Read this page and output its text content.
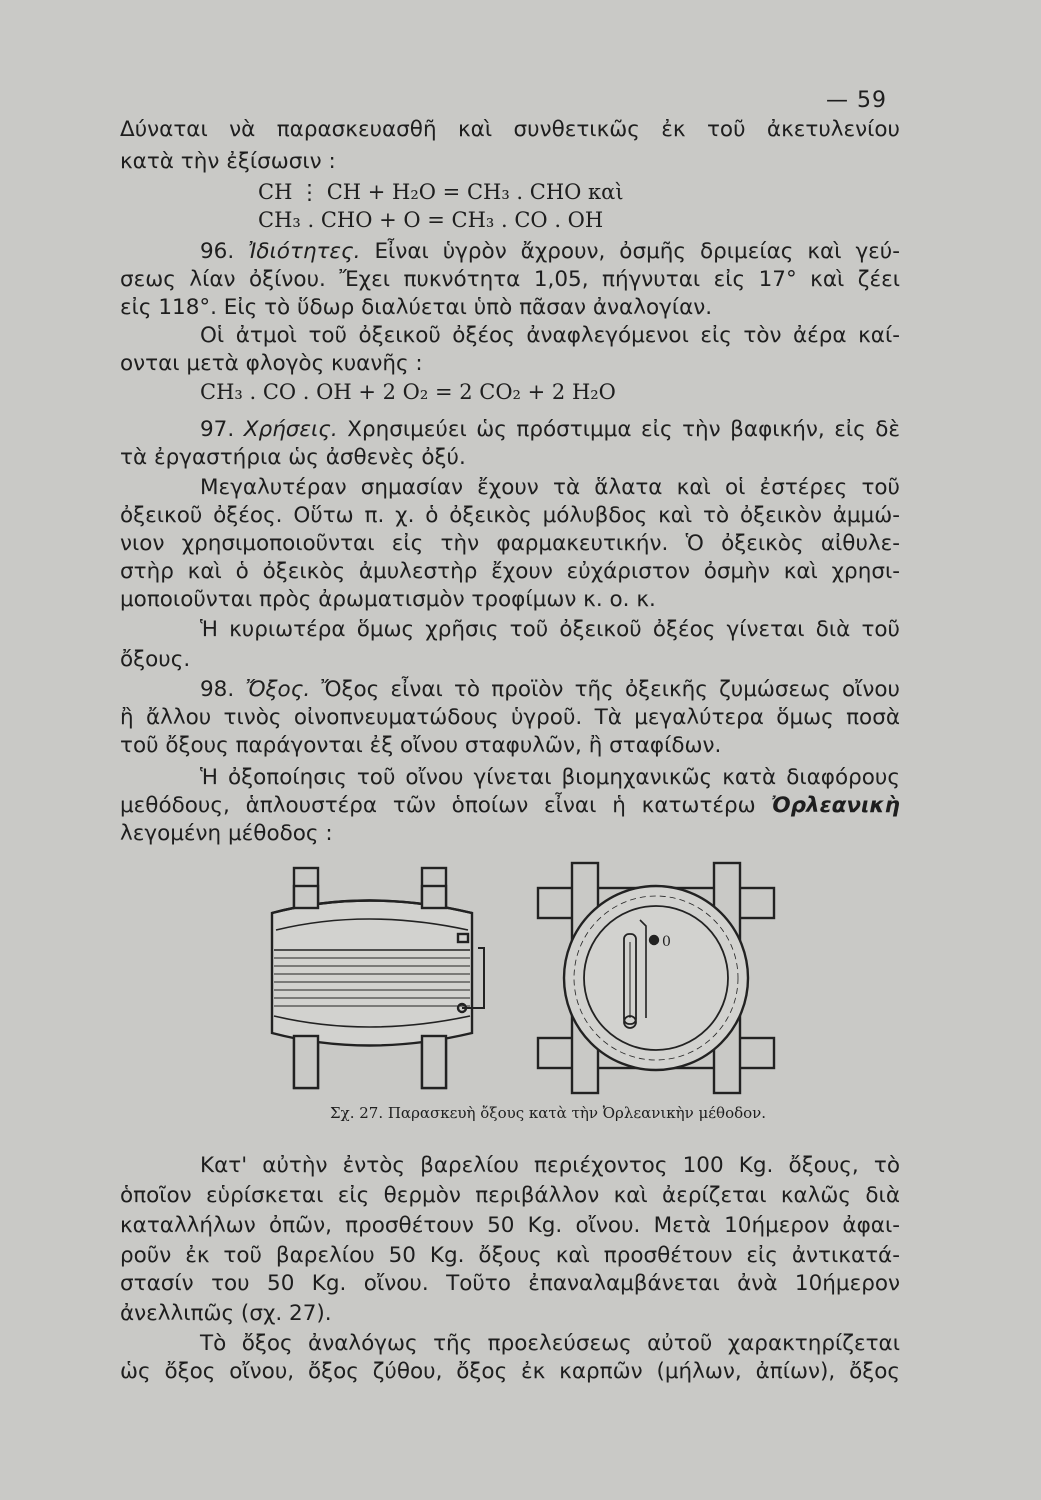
— 59
Δύναται νὰ παρασκευασθῆ καὶ συνθετικῶς ἐκ τοῦ ἀκετυλενίου
κατὰ τὴν ἐξίσωσιν :
CH ⋮ CH + H₂O = CH₃ . CHO καὶ
CH₃ . CHO + O = CH₃ . CO . OH
96. Ἰδιότητες. Εἶναι ὑγρὸν ἄχρουν, ὀσμῆς δριμείας καὶ γεύ-
σεως λίαν ὀξίνου. Ἔχει πυκνότητα 1,05, πήγνυται εἰς 17° καὶ ζέει
εἰς 118°. Εἰς τὸ ὕδωρ διαλύεται ὑπὸ πᾶσαν ἀναλογίαν.
Οἱ ἀτμοὶ τοῦ ὀξεικοῦ ὀξέος ἀναφλεγόμενοι εἰς τὸν ἀέρα καί-
ονται μετὰ φλογὸς κυανῆς :
CH₃ . CO . OH + 2 O₂ = 2 CO₂ + 2 H₂O
97. Χρήσεις. Χρησιμεύει ὡς πρόστιμμα εἰς τὴν βαφικήν, εἰς δὲ
τὰ ἐργαστήρια ὡς ἀσθενὲς ὀξύ.
Μεγαλυτέραν σημασίαν ἔχουν τὰ ἅλατα καὶ οἱ ἐστέρες τοῦ
ὀξεικοῦ ὀξέος. Οὕτω π. χ. ὁ ὀξεικὸς μόλυβδος καὶ τὸ ὀξεικὸν ἀμμώ-
νιον χρησιμοποιοῦνται εἰς τὴν φαρμακευτικήν. Ὁ ὀξεικὸς αἰθυλε-
στὴρ καὶ ὁ ὀξεικὸς ἀμυλεστὴρ ἔχουν εὐχάριστον ὀσμὴν καὶ χρησι-
μοποιοῦνται πρὸς ἀρωματισμὸν τροφίμων κ. ο. κ.
Ἡ κυριωτέρα ὅμως χρῆσις τοῦ ὀξεικοῦ ὀξέος γίνεται διὰ τοῦ
ὄξους.
98. Ὄξος. Ὄξος εἶναι τὸ προϊὸν τῆς ὀξεικῆς ζυμώσεως οἴνου
ἢ ἄλλου τινὸς οἰνοπνευματώδους ὑγροῦ. Τὰ μεγαλύτερα ὅμως ποσὰ
τοῦ ὄξους παράγονται ἐξ οἴνου σταφυλῶν, ἢ σταφίδων.
Ἡ ὀξοποίησις τοῦ οἴνου γίνεται βιομηχανικῶς κατὰ διαφόρους
μεθόδους, ἁπλουστέρα τῶν ὁποίων εἶναι ἡ κατωτέρω Ὀρλεανικὴ
λεγομένη μέθοδος :
0
Σχ. 27. Παρασκευὴ ὄξους κατὰ τὴν Ὀρλεανικὴν μέθοδον.
Κατ' αὐτὴν ἐντὸς βαρελίου περιέχοντος 100 Kg. ὄξους, τὸ
ὁποῖον εὑρίσκεται εἰς θερμὸν περιβάλλον καὶ ἀερίζεται καλῶς διὰ
καταλλήλων ὀπῶν, προσθέτουν 50 Kg. οἴνου. Μετὰ 10ήμερον ἀφαι-
ροῦν ἐκ τοῦ βαρελίου 50 Kg. ὄξους καὶ προσθέτουν εἰς ἀντικατά-
στασίν του 50 Kg. οἴνου. Τοῦτο ἐπαναλαμβάνεται ἀνὰ 10ήμερον
ἀνελλιπῶς (σχ. 27).
Τὸ ὄξος ἀναλόγως τῆς προελεύσεως αὐτοῦ χαρακτηρίζεται
ὡς ὄξος οἴνου, ὄξος ζύθου, ὄξος ἐκ καρπῶν (μήλων, ἀπίων), ὄξος
